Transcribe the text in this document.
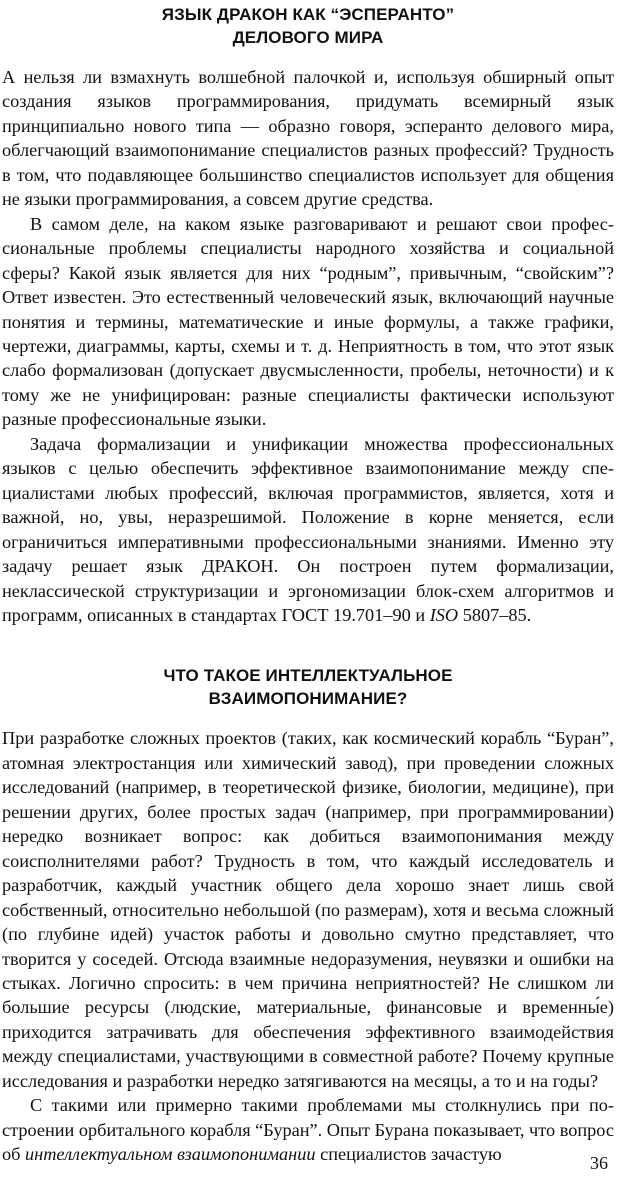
ЯЗЫК ДРАКОН КАК “ЭСПЕРАНТО”
ДЕЛОВОГО МИРА

А нельзя ли взмахнуть волшебной палочкой и, используя обширный опыт создания языков программирования, придумать всемирный язык принципиально нового типа — образно говоря, эсперанто делового мира, облегчающий взаимопонимание специалистов разных профессий? Трудность в том, что подавляющее большинство специалистов использует для общения не языки программирования, а совсем другие средства.

В самом деле, на каком языке разговаривают и решают свои профессиональные проблемы специалисты народного хозяйства и социальной сферы? Какой язык является для них “родным”, привычным, “свойским”? Ответ известен. Это естественный человеческий язык, включающий научные понятия и термины, математические и иные формулы, а также графики, чертежи, диаграммы, карты, схемы и т. д. Неприятность в том, что этот язык слабо формализован (допускает двусмысленности, пробелы, неточности) и к тому же не унифицирован: разные специалисты фактически используют разные профессиональные языки.

Задача формализации и унификации множества профессиональных языков с целью обеспечить эффективное взаимопонимание между специалистами любых профессий, включая программистов, является, хотя и важной, но, увы, неразрешимой. Положение в корне меняется, если ограничиться императивными профессиональными знаниями. Именно эту задачу решает язык ДРАКОН. Он построен путем формализации, неклассической структуризации и эргономизации блок-схем алгоритмов и программ, описанных в стандартах ГОСТ 19.701–90 и ISO 5807–85.

ЧТО ТАКОЕ ИНТЕЛЛЕКТУАЛЬНОЕ
ВЗАИМОПОНИМАНИЕ?

При разработке сложных проектов (таких, как космический корабль “Буран”, атомная электростанция или химический завод), при проведении сложных исследований (например, в теоретической физике, биологии, медицине), при решении других, более простых задач (например, при программировании) нередко возникает вопрос: как добиться взаимопонимания между соисполнителями работ? Трудность в том, что каждый исследователь и разработчик, каждый участник общего дела хорошо знает лишь свой собственный, относительно небольшой (по размерам), хотя и весьма сложный (по глубине идей) участок работы и довольно смутно представляет, что творится у соседей. Отсюда взаимные недоразумения, неувязки и ошибки на стыках. Логично спросить: в чем причина неприятностей? Не слишком ли большие ресурсы (людские, материальные, финансовые и временны́е) приходится затрачивать для обеспечения эффективного взаимодействия между специалистами, участвующими в совместной работе? Почему крупные исследования и разработки нередко затягиваются на месяцы, а то и на годы?

С такими или примерно такими проблемами мы столкнулись при построении орбитального корабля “Буран”. Опыт Бурана показывает, что вопрос об интеллектуальном взаимопонимании специалистов зачастую	36
